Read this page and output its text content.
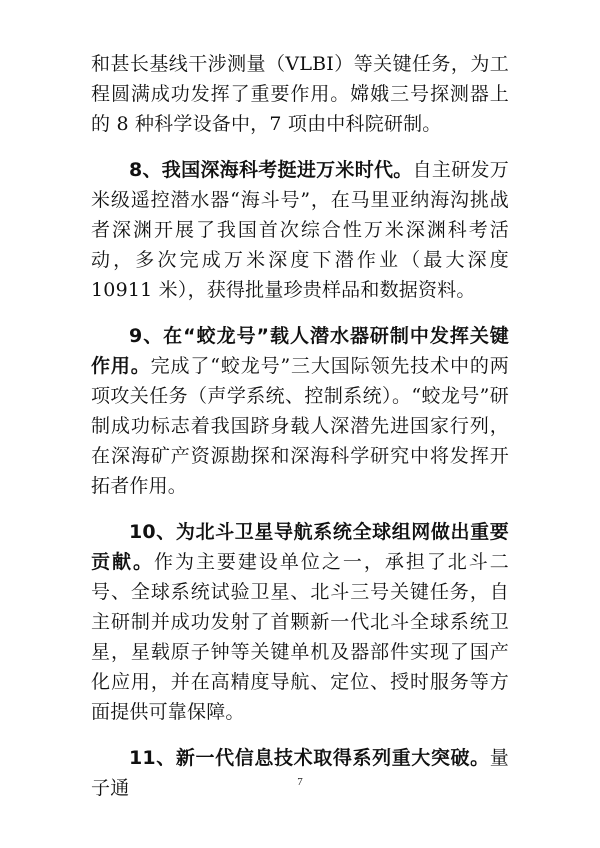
和甚长基线干涉测量（VLBI）等关键任务，为工程圆满成功发挥了重要作用。嫦娥三号探测器上的 8 种科学设备中，7 项由中科院研制。

8、我国深海科考挺进万米时代。自主研发万米级遥控潜水器“海斗号”，在马里亚纳海沟挑战者深渊开展了我国首次综合性万米深渊科考活动，多次完成万米深度下潜作业（最大深度 10911 米），获得批量珍贵样品和数据资料。

9、在“蛟龙号”载人潜水器研制中发挥关键作用。完成了“蛟龙号”三大国际领先技术中的两项攻关任务（声学系统、控制系统）。“蛟龙号”研制成功标志着我国跻身载人深潜先进国家行列，在深海矿产资源勘探和深海科学研究中将发挥开拓者作用。

10、为北斗卫星导航系统全球组网做出重要贡献。作为主要建设单位之一，承担了北斗二号、全球系统试验卫星、北斗三号关键任务，自主研制并成功发射了首颗新一代北斗全球系统卫星，星载原子钟等关键单机及器部件实现了国产化应用，并在高精度导航、定位、授时服务等方面提供可靠保障。

11、新一代信息技术取得系列重大突破。量子通	7
